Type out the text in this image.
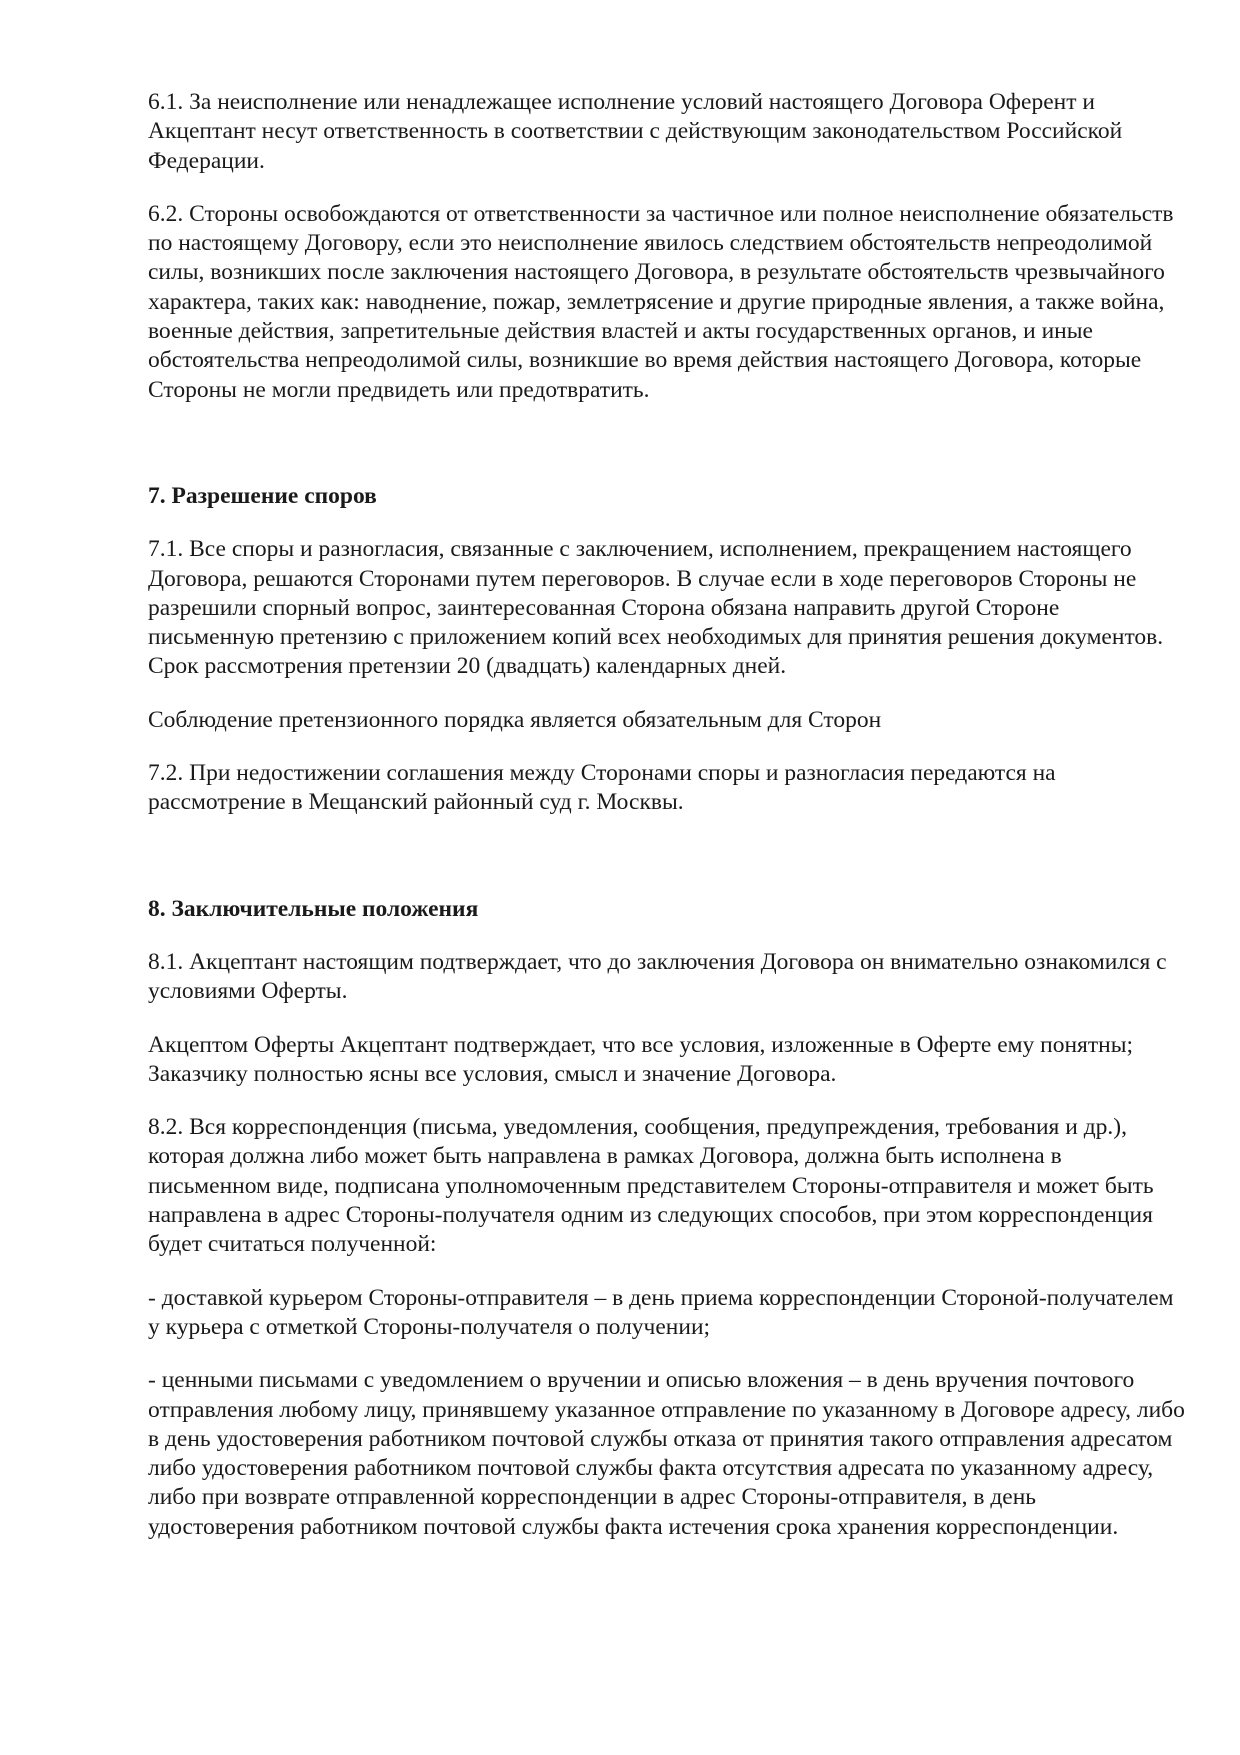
6.1. За неисполнение или ненадлежащее исполнение условий настоящего Договора Оферент и Акцептант несут ответственность в соответствии с действующим законодательством Российской Федерации.

6.2. Стороны освобождаются от ответственности за частичное или полное неисполнение обязательств по настоящему Договору, если это неисполнение явилось следствием обстоятельств непреодолимой силы, возникших после заключения настоящего Договора, в результате обстоятельств чрезвычайного характера, таких как: наводнение, пожар, землетрясение и другие природные явления, а также война, военные действия, запретительные действия властей и акты государственных органов, и иные обстоятельства непреодолимой силы, возникшие во время действия настоящего Договора, которые Стороны не могли предвидеть или предотвратить.

7. Разрешение споров

7.1. Все споры и разногласия, связанные с заключением, исполнением, прекращением настоящего Договора, решаются Сторонами путем переговоров. В случае если в ходе переговоров Стороны не разрешили спорный вопрос, заинтересованная Сторона обязана направить другой Стороне письменную претензию с приложением копий всех необходимых для принятия решения документов. Срок рассмотрения претензии 20 (двадцать) календарных дней.

Соблюдение претензионного порядка является обязательным для Сторон

7.2. При недостижении соглашения между Сторонами споры и разногласия передаются на рассмотрение в Мещанский районный суд г. Москвы.

8. Заключительные положения

8.1. Акцептант настоящим подтверждает, что до заключения Договора он внимательно ознакомился с условиями Оферты.

Акцептом Оферты Акцептант подтверждает, что все условия, изложенные в Оферте ему понятны; Заказчику полностью ясны все условия, смысл и значение Договора.

8.2. Вся корреспонденция (письма, уведомления, сообщения, предупреждения, требования и др.), которая должна либо может быть направлена в рамках Договора, должна быть исполнена в письменном виде, подписана уполномоченным представителем Стороны-отправителя и может быть направлена в адрес Стороны-получателя одним из следующих способов, при этом корреспонденция будет считаться полученной:

- доставкой курьером Стороны-отправителя – в день приема корреспонденции Стороной-получателем у курьера с отметкой Стороны-получателя о получении;

- ценными письмами с уведомлением о вручении и описью вложения – в день вручения почтового отправления любому лицу, принявшему указанное отправление по указанному в Договоре адресу, либо в день удостоверения работником почтовой службы отказа от принятия такого отправления адресатом либо удостоверения работником почтовой службы факта отсутствия адресата по указанному адресу, либо при возврате отправленной корреспонденции в адрес Стороны-отправителя, в день удостоверения работником почтовой службы факта истечения срока хранения корреспонденции.
